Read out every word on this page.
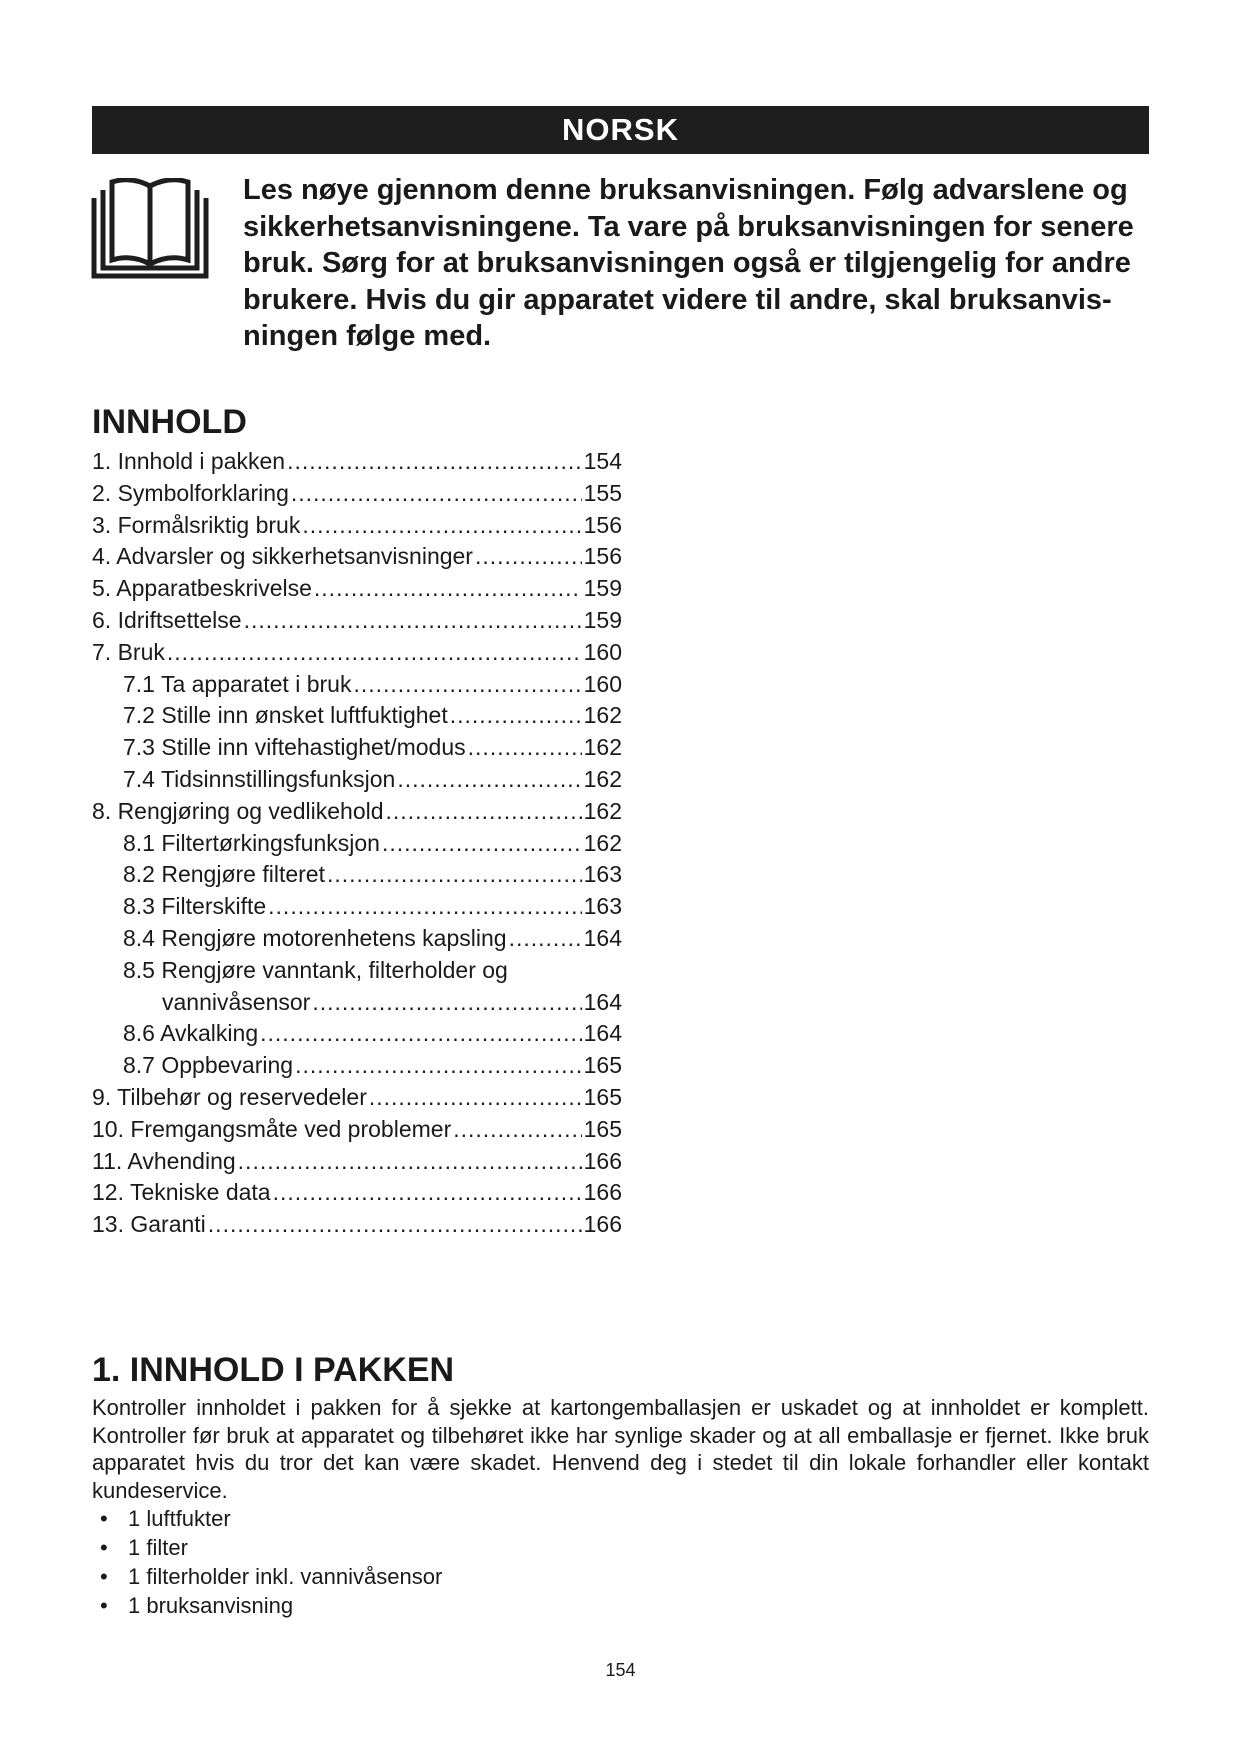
NORSK

Les nøye gjennom denne bruksanvisningen. Følg advarslene og
sikkerhetsanvisningene. Ta vare på bruksanvisningen for senere
bruk. Sørg for at bruksanvisningen også er tilgjengelig for andre
brukere. Hvis du gir apparatet videre til andre, skal bruksanvis-
ningen følge med.

INNHOLD
1. Innhold i pakken .....	154
2. Symbolforklaring .....	155
3. Formålsriktig bruk .....	156
4. Advarsler og sikkerhetsanvisninger .....	156
5. Apparatbeskrivelse .....	159
6. Idriftsettelse .....	159
7. Bruk .....	160
7.1 Ta apparatet i bruk .....	160
7.2 Stille inn ønsket luftfuktighet .....	162
7.3 Stille inn viftehastighet/modus .....	162
7.4 Tidsinnstillingsfunksjon .....	162
8. Rengjøring og vedlikehold .....	162
8.1 Filtertørkingsfunksjon .....	162
8.2 Rengjøre filteret .....	163
8.3 Filterskifte .....	163
8.4 Rengjøre motorenhetens kapsling .....	164
8.5 Rengjøre vanntank, filterholder og
vannivåsensor .....	164
8.6 Avkalking .....	164
8.7 Oppbevaring .....	165
9. Tilbehør og reservedeler .....	165
10. Fremgangsmåte ved problemer .....	165
11. Avhending .....	166
12. Tekniske data .....	166
13. Garanti .....	166
1. INNHOLD I PAKKEN

Kontroller innholdet i pakken for å sjekke at kartongemballasjen er uskadet og at innholdet er komplett. Kontroller før bruk at apparatet og tilbehøret ikke har synlige skader og at all emballasje er fjernet. Ikke bruk apparatet hvis du tror det kan være skadet. Henvend deg i stedet til din lokale forhandler eller kontakt kundeservice.

• 1 luftfukter
• 1 filter
• 1 filterholder inkl. vannivåsensor
• 1 bruksanvisning
154
